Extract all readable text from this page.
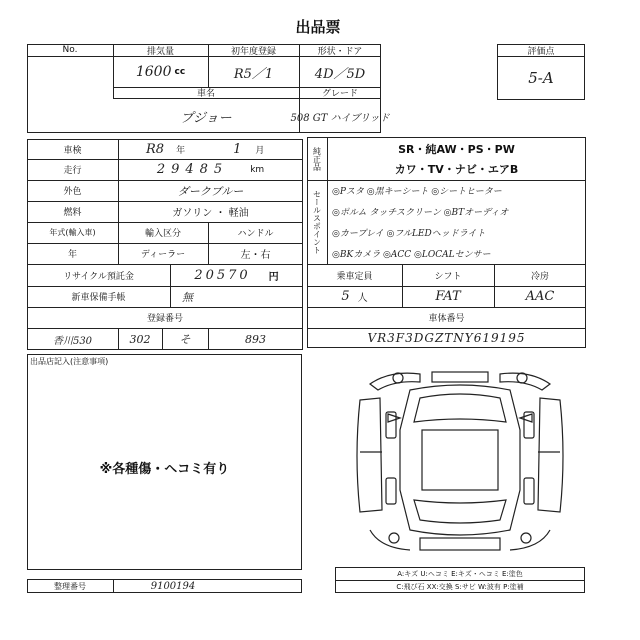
出品票
No.	排気量	初年度登録	形状・ドア
1600 cc	R5／1	4D／5D
車名	グレード
プジョー	508 GT ハイブリッド
評価点
5-A
車検	R8 年	1 月
走行	29485 km
外色	ダークブルー
燃料	ガソリン ・ 軽油
年式(輸入車)	輸入区分	ハンドル
年	ディーラー	左・右
リサイクル預託金	20570 円
新車保備手帳	無
登録番号
香川530	302	そ	893
純正品	SR・純AW・PS・PW
カワ・TV・ナビ・エアB
セールスポイント	◎Pスタ ◎黒キーシート ◎シートヒーター
◎ポルム タッチスクリーン ◎BTオーディオ
◎カープレイ ◎フルLEDヘッドライト
◎BKカメラ ◎ACC ◎LOCALセンサー
乗車定員	シフト	冷房
5 人	FAT	AAC
車体番号
VR3F3DGZTNY619195
出品店記入(注意事項)
※各種傷・ヘコミ有り
整理番号	9100194
A:キズ U:ヘコミ E:キズ・ヘコミ E:塗色
C:飛び石 XX:交換 S:サビ W:波有 P:塗補
